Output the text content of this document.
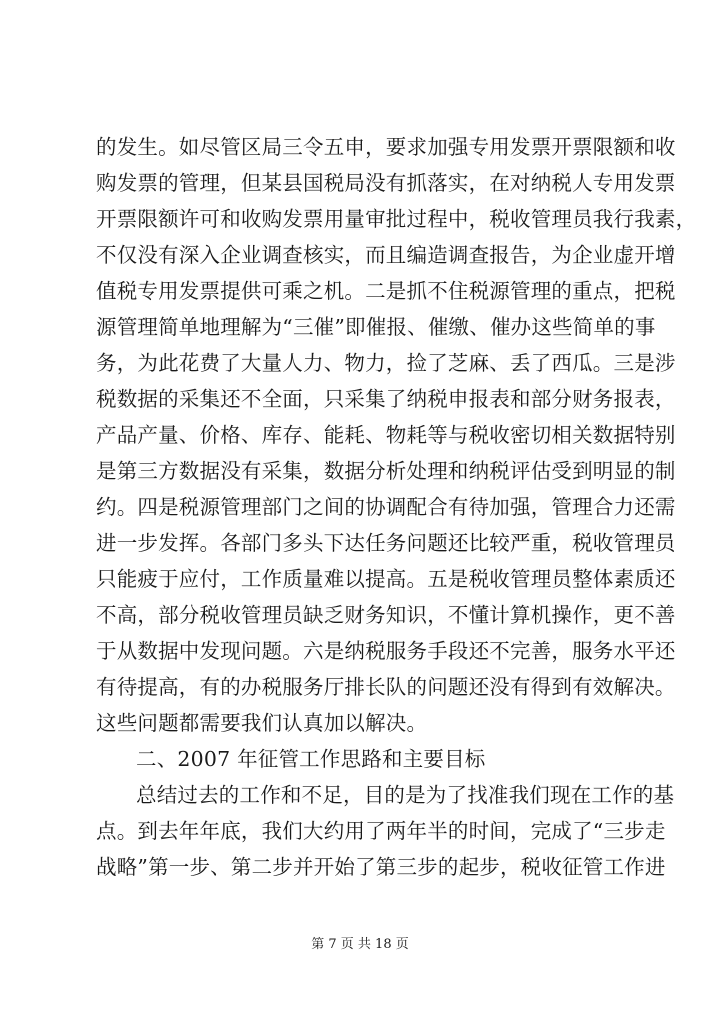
的发生。如尽管区局三令五申，要求加强专用发票开票限额和收
购发票的管理，但某县国税局没有抓落实，在对纳税人专用发票
开票限额许可和收购发票用量审批过程中，税收管理员我行我素，
不仅没有深入企业调查核实，而且编造调查报告，为企业虚开增
值税专用发票提供可乘之机。二是抓不住税源管理的重点，把税
源管理简单地理解为“三催”即催报、催缴、催办这些简单的事
务，为此花费了大量人力、物力，捡了芝麻、丢了西瓜。三是涉
税数据的采集还不全面，只采集了纳税申报表和部分财务报表，
产品产量、价格、库存、能耗、物耗等与税收密切相关数据特别
是第三方数据没有采集，数据分析处理和纳税评估受到明显的制
约。四是税源管理部门之间的协调配合有待加强，管理合力还需
进一步发挥。各部门多头下达任务问题还比较严重，税收管理员
只能疲于应付，工作质量难以提高。五是税收管理员整体素质还
不高，部分税收管理员缺乏财务知识，不懂计算机操作，更不善
于从数据中发现问题。六是纳税服务手段还不完善，服务水平还
有待提高，有的办税服务厅排长队的问题还没有得到有效解决。
这些问题都需要我们认真加以解决。
二、2007 年征管工作思路和主要目标
总结过去的工作和不足，目的是为了找准我们现在工作的基
点。到去年年底，我们大约用了两年半的时间，完成了“三步走
战略”第一步、第二步并开始了第三步的起步，税收征管工作进
第 7 页 共 18 页
